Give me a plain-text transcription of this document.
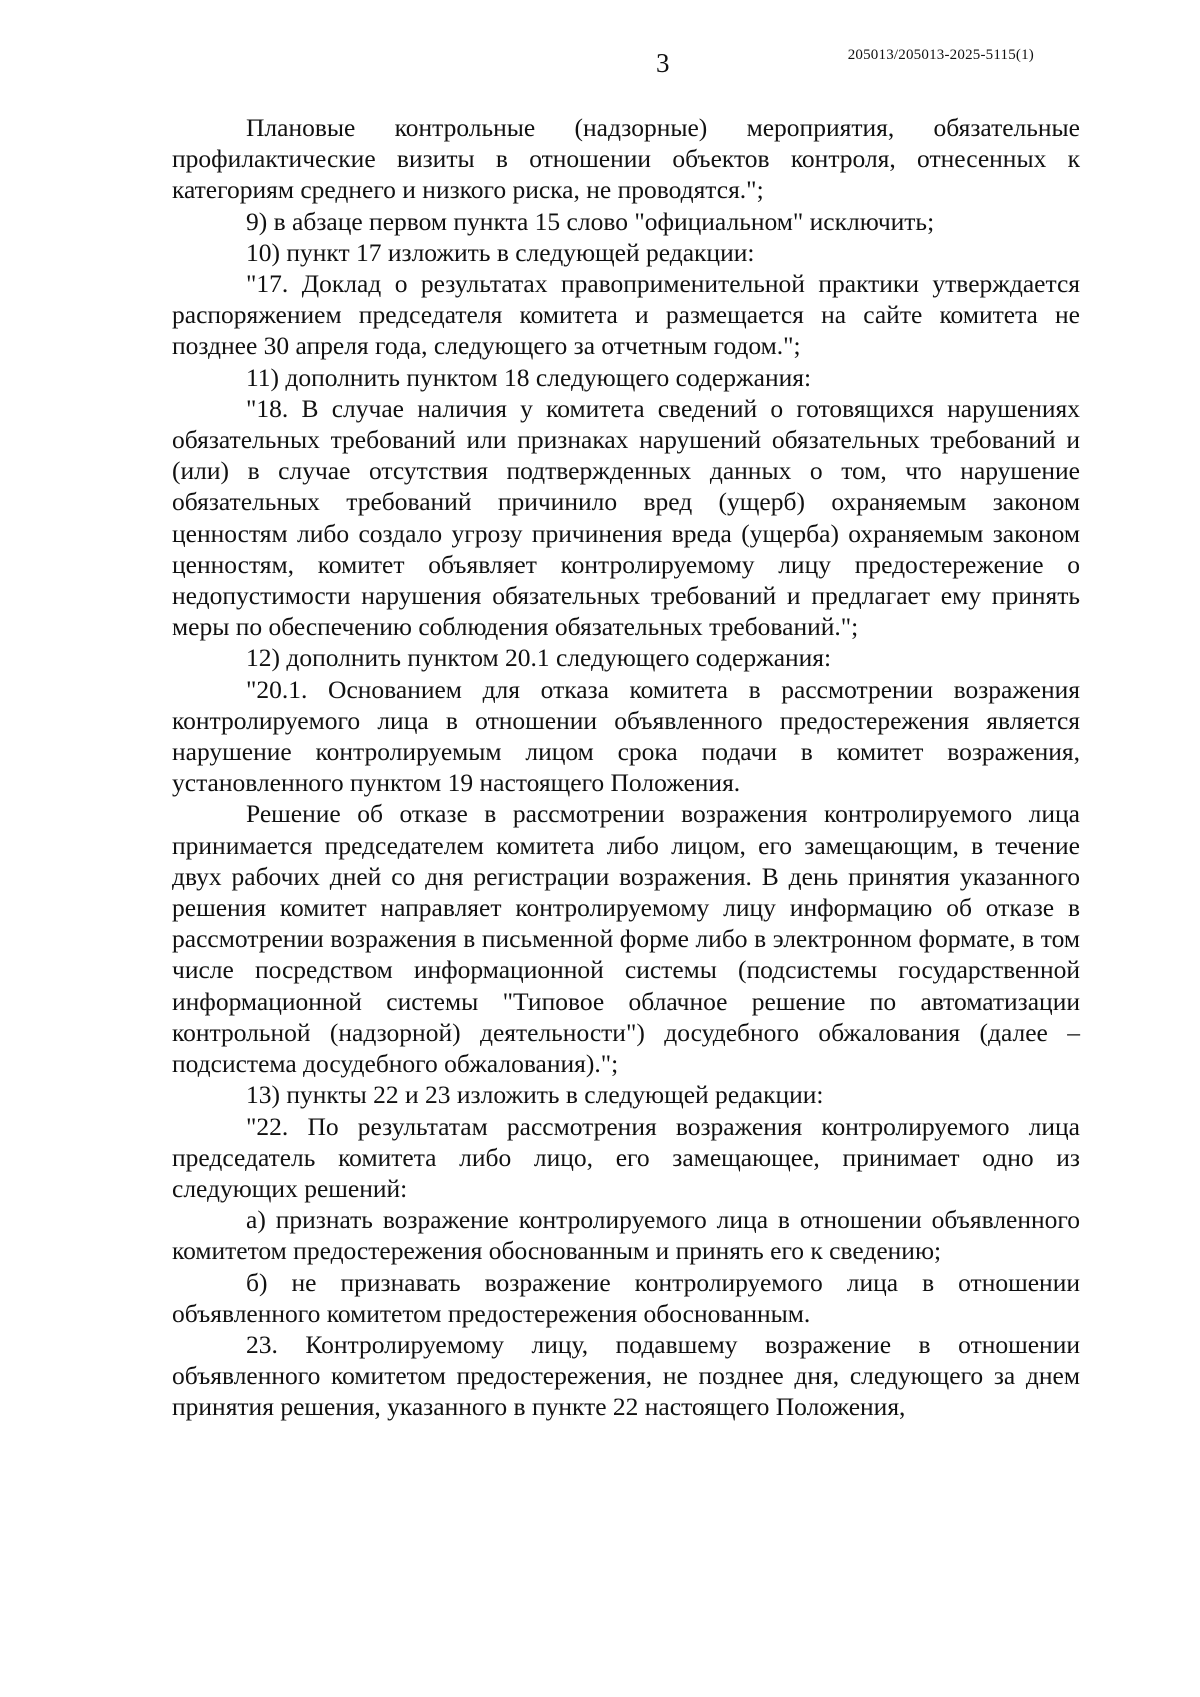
3	205013/205013-2025-5115(1)

Плановые контрольные (надзорные) мероприятия, обязательные профилактические визиты в отношении объектов контроля, отнесенных к категориям среднего и низкого риска, не проводятся.";

9) в абзаце первом пункта 15 слово "официальном" исключить;

10) пункт 17 изложить в следующей редакции:

"17. Доклад о результатах правоприменительной практики утверждается распоряжением председателя комитета и размещается на сайте комитета не позднее 30 апреля года, следующего за отчетным годом.";

11) дополнить пунктом 18 следующего содержания:

"18. В случае наличия у комитета сведений о готовящихся нарушениях обязательных требований или признаках нарушений обязательных требований и (или) в случае отсутствия подтвержденных данных о том, что нарушение обязательных требований причинило вред (ущерб) охраняемым законом ценностям либо создало угрозу причинения вреда (ущерба) охраняемым законом ценностям, комитет объявляет контролируемому лицу предостережение о недопустимости нарушения обязательных требований и предлагает ему принять меры по обеспечению соблюдения обязательных требований.";

12) дополнить пунктом 20.1 следующего содержания:

"20.1. Основанием для отказа комитета в рассмотрении возражения контролируемого лица в отношении объявленного предостережения является нарушение контролируемым лицом срока подачи в комитет возражения, установленного пунктом 19 настоящего Положения.

Решение об отказе в рассмотрении возражения контролируемого лица принимается председателем комитета либо лицом, его замещающим, в течение двух рабочих дней со дня регистрации возражения. В день принятия указанного решения комитет направляет контролируемому лицу информацию об отказе в рассмотрении возражения в письменной форме либо в электронном формате, в том числе посредством информационной системы (подсистемы государственной информационной системы "Типовое облачное решение по автоматизации контрольной (надзорной) деятельности") досудебного обжалования (далее – подсистема досудебного обжалования).";

13) пункты 22 и 23 изложить в следующей редакции:

"22. По результатам рассмотрения возражения контролируемого лица председатель комитета либо лицо, его замещающее, принимает одно из следующих решений:

а) признать возражение контролируемого лица в отношении объявленного комитетом предостережения обоснованным и принять его к сведению;

б) не признавать возражение контролируемого лица в отношении объявленного комитетом предостережения обоснованным.

23. Контролируемому лицу, подавшему возражение в отношении объявленного комитетом предостережения, не позднее дня, следующего за днем принятия решения, указанного в пункте 22 настоящего Положения,
